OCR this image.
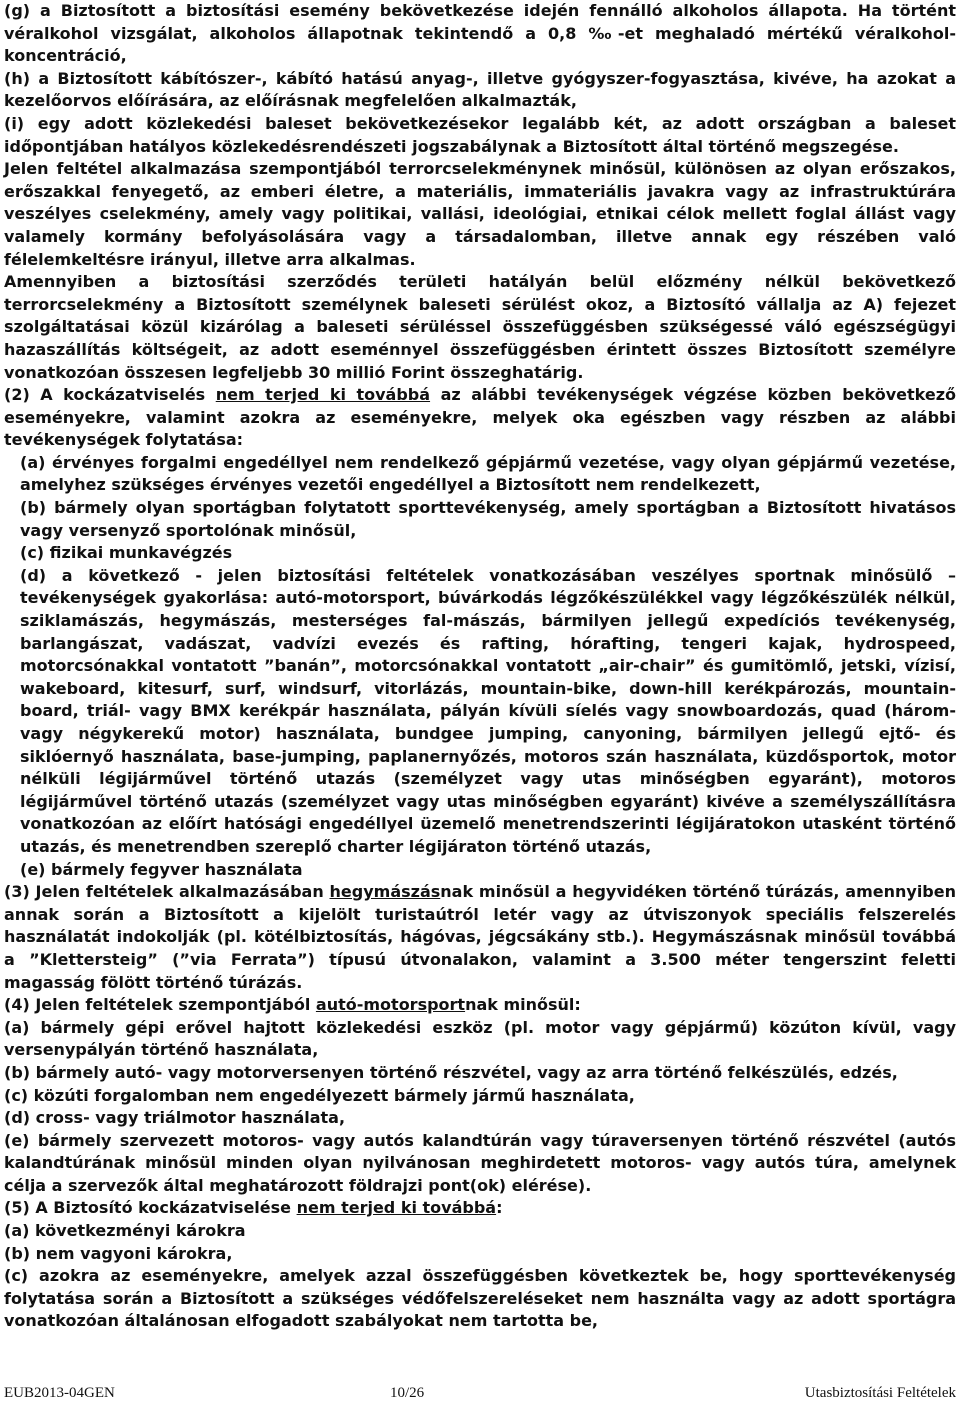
(g) a Biztosított a biztosítási esemény bekövetkezése idején fennálló alkoholos állapota. Ha történt véralkohol vizsgálat, alkoholos állapotnak tekintendő a 0,8 ‰-et meghaladó mértékű véralkohol-koncentráció,

(h) a Biztosított kábítószer-, kábító hatású anyag-, illetve gyógyszer-fogyasztása, kivéve, ha azokat a kezelőorvos előírására, az előírásnak megfelelően alkalmazták,

(i) egy adott közlekedési baleset bekövetkezésekor legalább két, az adott országban a baleset időpontjában hatályos közlekedésrendészeti jogszabálynak a Biztosított által történő megszegése.

Jelen feltétel alkalmazása szempontjából terrorcselekménynek minősül, különösen az olyan erőszakos, erőszakkal fenyegető, az emberi életre, a materiális, immateriális javakra vagy az infrastruktúrára veszélyes cselekmény, amely vagy politikai, vallási, ideológiai, etnikai célok mellett foglal állást vagy valamely kormány befolyásolására vagy a társadalomban, illetve annak egy részében való félelemkeltésre irányul, illetve arra alkalmas.

Amennyiben a biztosítási szerződés területi hatályán belül előzmény nélkül bekövetkező terrorcselekmény a Biztosított személynek baleseti sérülést okoz, a Biztosító vállalja az A) fejezet szolgáltatásai közül kizárólag a baleseti sérüléssel összefüggésben szükségessé váló egészségügyi hazaszállítás költségeit, az adott eseménnyel összefüggésben érintett összes Biztosított személyre vonatkozóan összesen legfeljebb 30 millió Forint összeghatárig.

(2) A kockázatviselés nem terjed ki továbbá az alábbi tevékenységek végzése közben bekövetkező eseményekre, valamint azokra az eseményekre, melyek oka egészben vagy részben az alábbi tevékenységek folytatása:

(a) érvényes forgalmi engedéllyel nem rendelkező gépjármű vezetése, vagy olyan gépjármű vezetése, amelyhez szükséges érvényes vezetői engedéllyel a Biztosított nem rendelkezett,

(b) bármely olyan sportágban folytatott sporttevékenység, amely sportágban a Biztosított hivatásos vagy versenyző sportolónak minősül,

(c) fizikai munkavégzés

(d) a következő - jelen biztosítási feltételek vonatkozásában veszélyes sportnak minősülő – tevékenységek gyakorlása: autó-motorsport, búvárkodás légzőkészülékkel vagy légzőkészülék nélkül, sziklamászás, hegymászás, mesterséges fal-mászás, bármilyen jellegű expedíciós tevékenység, barlangászat, vadászat, vadvízi evezés és rafting, hórafting, tengeri kajak, hydrospeed, motorcsónakkal vontatott ”banán”, motorcsónakkal vontatott „air-chair” és gumitömlő, jetski, vízisí, wakeboard, kitesurf, surf, windsurf, vitorlázás, mountain-bike, down-hill kerékpározás, mountain-board, triál- vagy BMX kerékpár használata, pályán kívüli síelés vagy snowboardozás, quad (három- vagy négykerekű motor) használata, bundgee jumping, canyoning, bármilyen jellegű ejtő- és siklóernyő használata, base-jumping, paplanernyőzés, motoros szán használata, küzdősportok, motor nélküli légijárművel történő utazás (személyzet vagy utas minőségben egyaránt), motoros légijárművel történő utazás (személyzet vagy utas minőségben egyaránt) kivéve a személyszállításra vonatkozóan az előírt hatósági engedéllyel üzemelő menetrendszerinti légijáratokon utasként történő utazás, és menetrendben szereplő charter légijáraton történő utazás,

(e) bármely fegyver használata

(3) Jelen feltételek alkalmazásában hegymászásnak minősül a hegyvidéken történő túrázás, amennyiben annak során a Biztosított a kijelölt turistaútról letér vagy az útviszonyok speciális felszerelés használatát indokolják (pl. kötélbiztosítás, hágóvas, jégcsákány stb.). Hegymászásnak minősül továbbá a ”Klettersteig” (”via Ferrata”) típusú útvonalakon, valamint a 3.500 méter tengerszint feletti magasság fölött történő túrázás.

(4) Jelen feltételek szempontjából autó-motorsportnak minősül:

(a) bármely gépi erővel hajtott közlekedési eszköz (pl. motor vagy gépjármű) közúton kívül, vagy versenypályán történő használata,

(b) bármely autó- vagy motorversenyen történő részvétel, vagy az arra történő felkészülés, edzés,

(c) közúti forgalomban nem engedélyezett bármely jármű használata,

(d) cross- vagy triálmotor használata,

(e) bármely szervezett motoros- vagy autós kalandtúrán vagy túraversenyen történő részvétel (autós kalandtúrának minősül minden olyan nyilvánosan meghirdetett motoros- vagy autós túra, amelynek célja a szervezők által meghatározott földrajzi pont(ok) elérése).

(5) A Biztosító kockázatviselése nem terjed ki továbbá:

(a) következményi károkra

(b) nem vagyoni károkra,

(c) azokra az eseményekre, amelyek azzal összefüggésben következtek be, hogy sporttevékenység folytatása során a Biztosított a szükséges védőfelszereléseket nem használta vagy az adott sportágra vonatkozóan általánosan elfogadott szabályokat nem tartotta be,

EUB2013-04GEN	10/26	Utasbiztosítási Feltételek
